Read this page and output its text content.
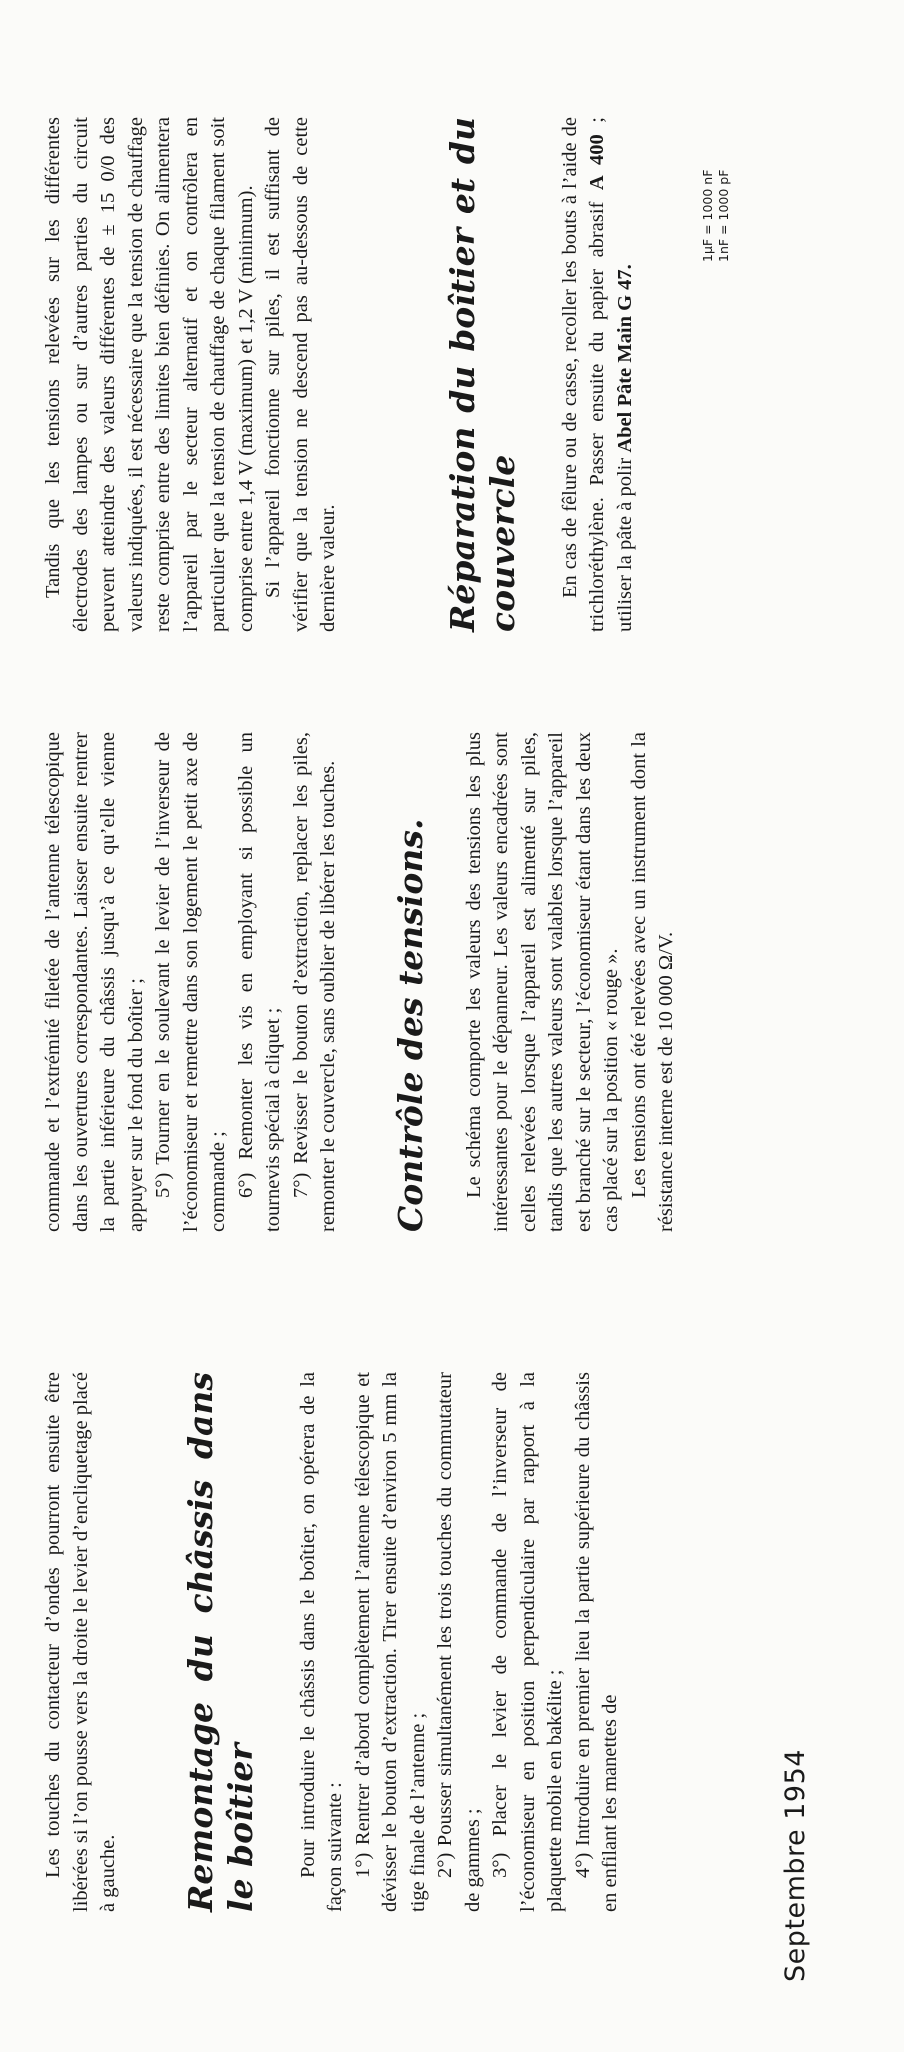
Les touches du contacteur d’ondes pourront ensuite être libérées si l’on pousse vers la droite le levier d’encliquetage placé à gauche. Remontage du châssis dans le boîtier Pour introduire le châssis dans le boîtier, on opérera de la façon suivante : 1°) Rentrer d’abord complètement l’antenne télescopique et dévisser le bouton d’extraction. Tirer ensuite d’environ 5 mm la tige finale de l’antenne ; 2°) Pousser simultanément les trois touches du commutateur de gammes ; 3°) Placer le levier de commande de l’inverseur de l’économiseur en position perpendiculaire par rapport à la plaquette mobile en bakélite ; 4°) Introduire en premier lieu la partie supérieure du châssis en enfilant les manettes de

commande et l’extrémité filetée de l’antenne télescopique dans les ouvertures correspondantes. Laisser ensuite rentrer la partie inférieure du châssis jusqu’à ce qu’elle vienne appuyer sur le fond du boîtier ; 5°) Tourner en le soulevant le levier de l’inverseur de l’économiseur et remettre dans son logement le petit axe de commande ; 6°) Remonter les vis en employant si possible un tournevis spécial à cliquet ; 7°) Revisser le bouton d’extraction, replacer les piles, remonter le couvercle, sans oublier de libérer les touches. Contrôle des tensions. Le schéma comporte les valeurs des tensions les plus intéressantes pour le dépanneur. Les valeurs encadrées sont celles relevées lorsque l’appareil est alimenté sur piles, tandis que les autres valeurs sont valables lorsque l’appareil est branché sur le secteur, l’économiseur étant dans les deux cas placé sur la position « rouge ». Les tensions ont été relevées avec un instrument dont la résistance interne est de 10 000 Ω/V.

Tandis que les tensions relevées sur les différentes électrodes des lampes ou sur d’autres parties du circuit peuvent atteindre des valeurs différentes de ± 15 0/0 des valeurs indiquées, il est nécessaire que la tension de chauffage reste comprise entre des limites bien définies. On alimentera l’appareil par le secteur alternatif et on contrôlera en particulier que la tension de chauffage de chaque filament soit comprise entre 1,4 V (maximum) et 1,2 V (minimum). Si l’appareil fonctionne sur piles, il est suffisant de vérifier que la tension ne descend pas au-dessous de cette dernière valeur.	Réparation du boîtier et du couvercle En cas de fêlure ou de casse, recoller les bouts à l’aide de trichloréthylène. Passer ensuite du papier abrasif A 400 ; utiliser la pâte à polir Abel Pâte Main G 47.

1µF = 1000 nF 1nF = 1000 pF
Septembre 1954
